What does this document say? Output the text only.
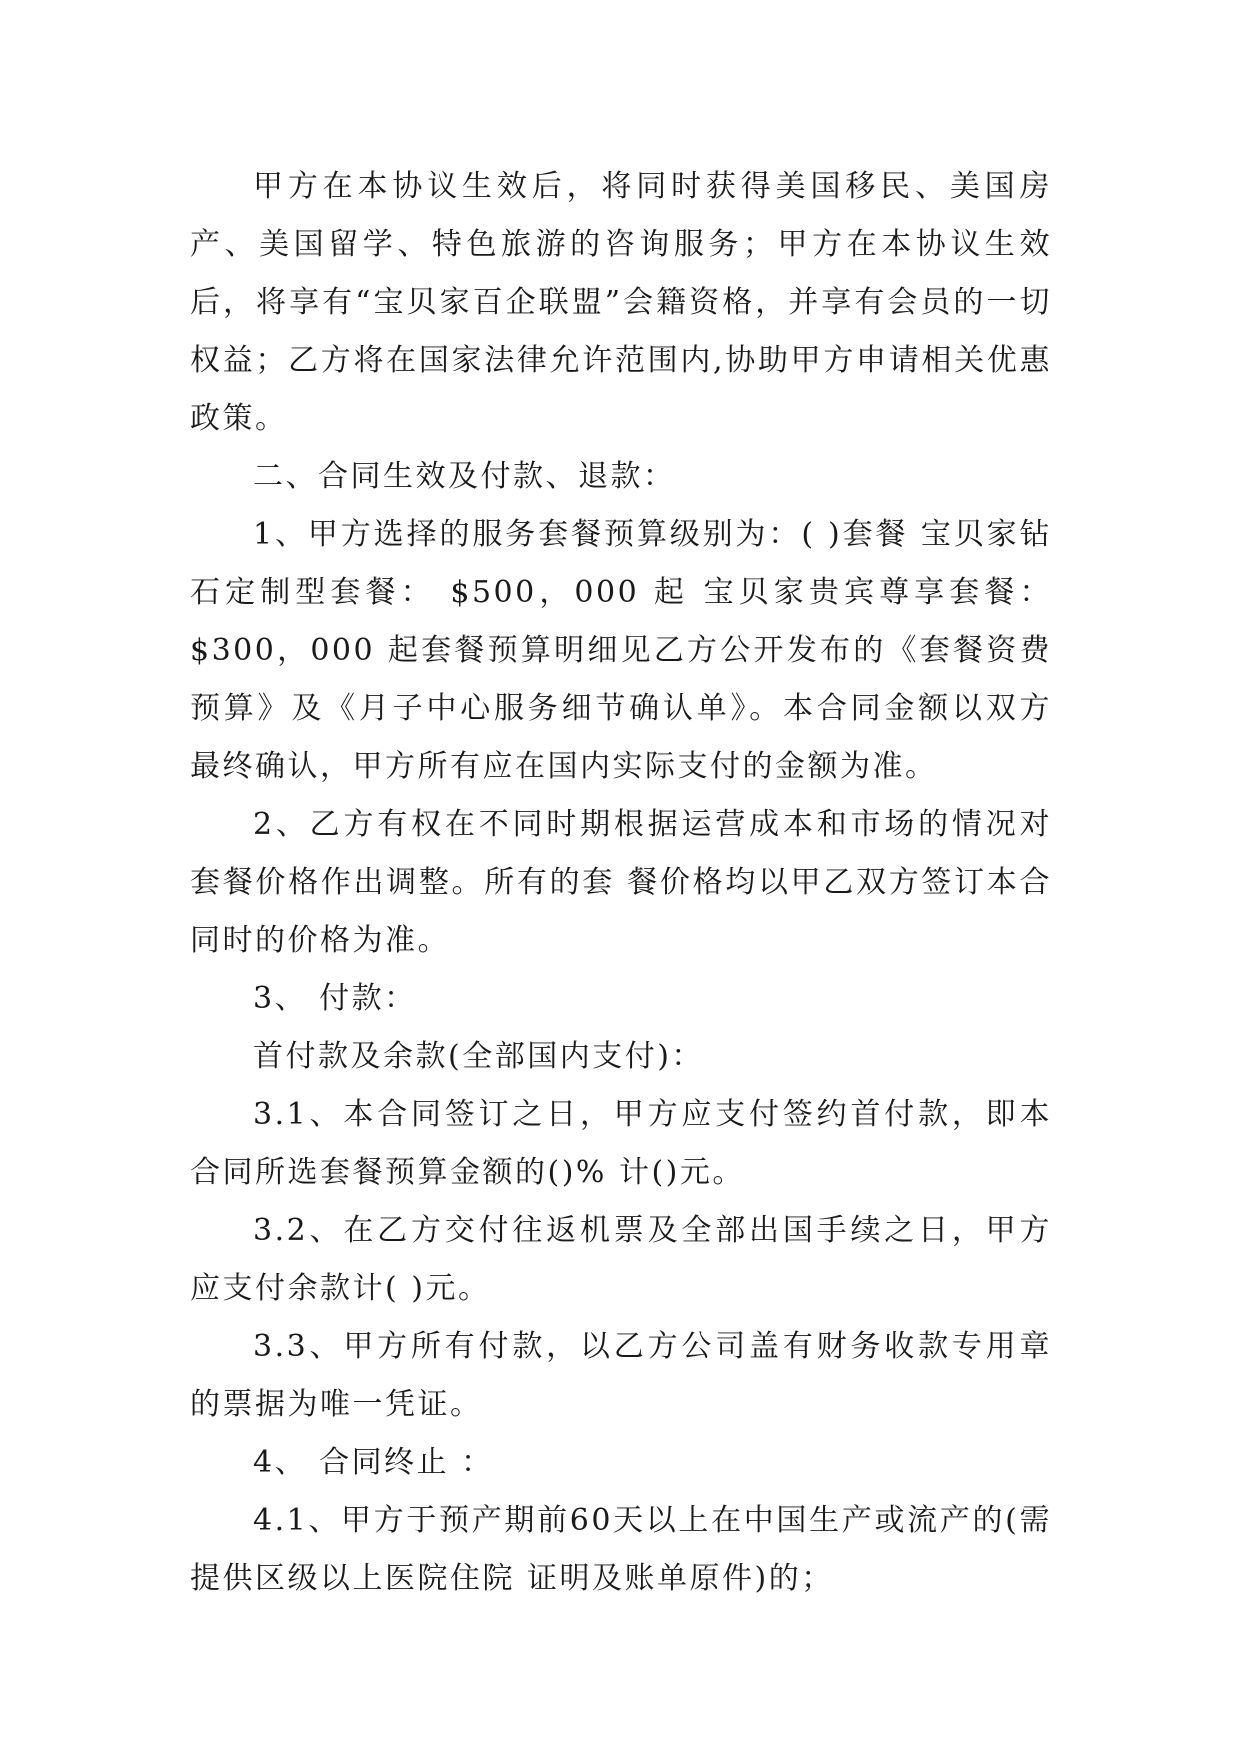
甲方在本协议生效后，将同时获得美国移民、美国房产、美国留学、特色旅游的咨询服务；甲方在本协议生效后，将享有“宝贝家百企联盟”会籍资格，并享有会员的一切权益；乙方将在国家法律允许范围内,协助甲方申请相关优惠政策。

二、合同生效及付款、退款：

1、甲方选择的服务套餐预算级别为：( )套餐 宝贝家钻石定制型套餐： $500，000 起 宝贝家贵宾尊享套餐：$300，000 起套餐预算明细见乙方公开发布的《套餐资费预算》及《月子中心服务细节确认单》。本合同金额以双方最终确认，甲方所有应在国内实际支付的金额为准。

2、乙方有权在不同时期根据运营成本和市场的情况对套餐价格作出调整。所有的套 餐价格均以甲乙双方签订本合同时的价格为准。

3、 付款：

首付款及余款(全部国内支付)：

3.1、本合同签订之日，甲方应支付签约首付款，即本合同所选套餐预算金额的()% 计()元。

3.2、在乙方交付往返机票及全部出国手续之日，甲方应支付余款计( )元。

3.3、甲方所有付款，以乙方公司盖有财务收款专用章的票据为唯一凭证。

4、 合同终止 ：

4.1、甲方于预产期前60天以上在中国生产或流产的(需提供区级以上医院住院 证明及账单原件)的；
